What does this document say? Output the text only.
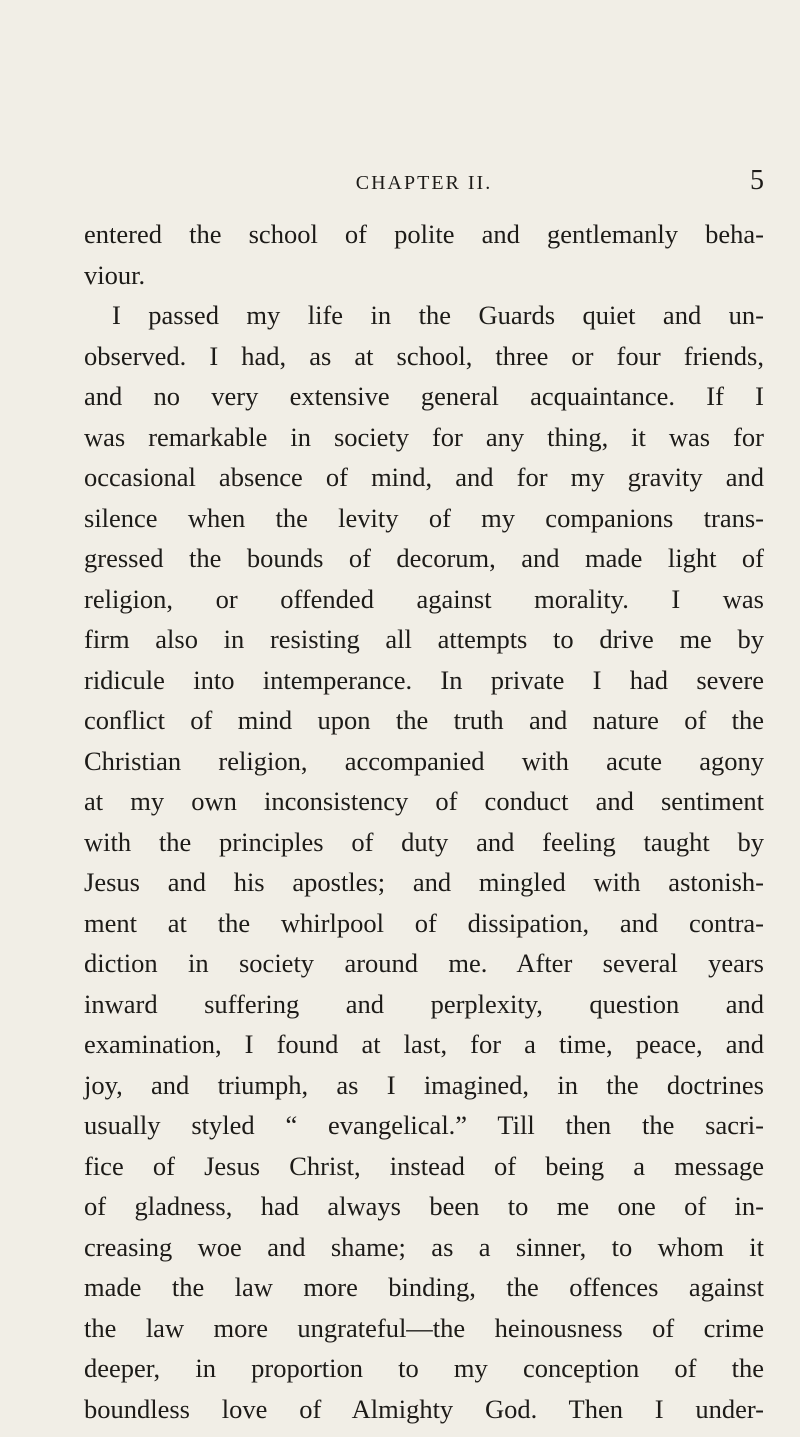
CHAPTER II.	5
entered the school of polite and gentlemanly beha-
viour.
I passed my life in the Guards quiet and un-
observed. I had, as at school, three or four friends,
and no very extensive general acquaintance. If I
was remarkable in society for any thing, it was for
occasional absence of mind, and for my gravity and
silence when the levity of my companions trans-
gressed the bounds of decorum, and made light of
religion, or offended against morality. I was
firm also in resisting all attempts to drive me by
ridicule into intemperance. In private I had severe
conflict of mind upon the truth and nature of the
Christian religion, accompanied with acute agony
at my own inconsistency of conduct and sentiment
with the principles of duty and feeling taught by
Jesus and his apostles; and mingled with astonish-
ment at the whirlpool of dissipation, and contra-
diction in society around me. After several years
inward suffering and perplexity, question and
examination, I found at last, for a time, peace, and
joy, and triumph, as I imagined, in the doctrines
usually styled “ evangelical.” Till then the sacri-
fice of Jesus Christ, instead of being a message
of gladness, had always been to me one of in-
creasing woe and shame; as a sinner, to whom it
made the law more binding, the offences against
the law more ungrateful—the heinousness of crime
deeper, in proportion to my conception of the
boundless love of Almighty God. Then I under-
